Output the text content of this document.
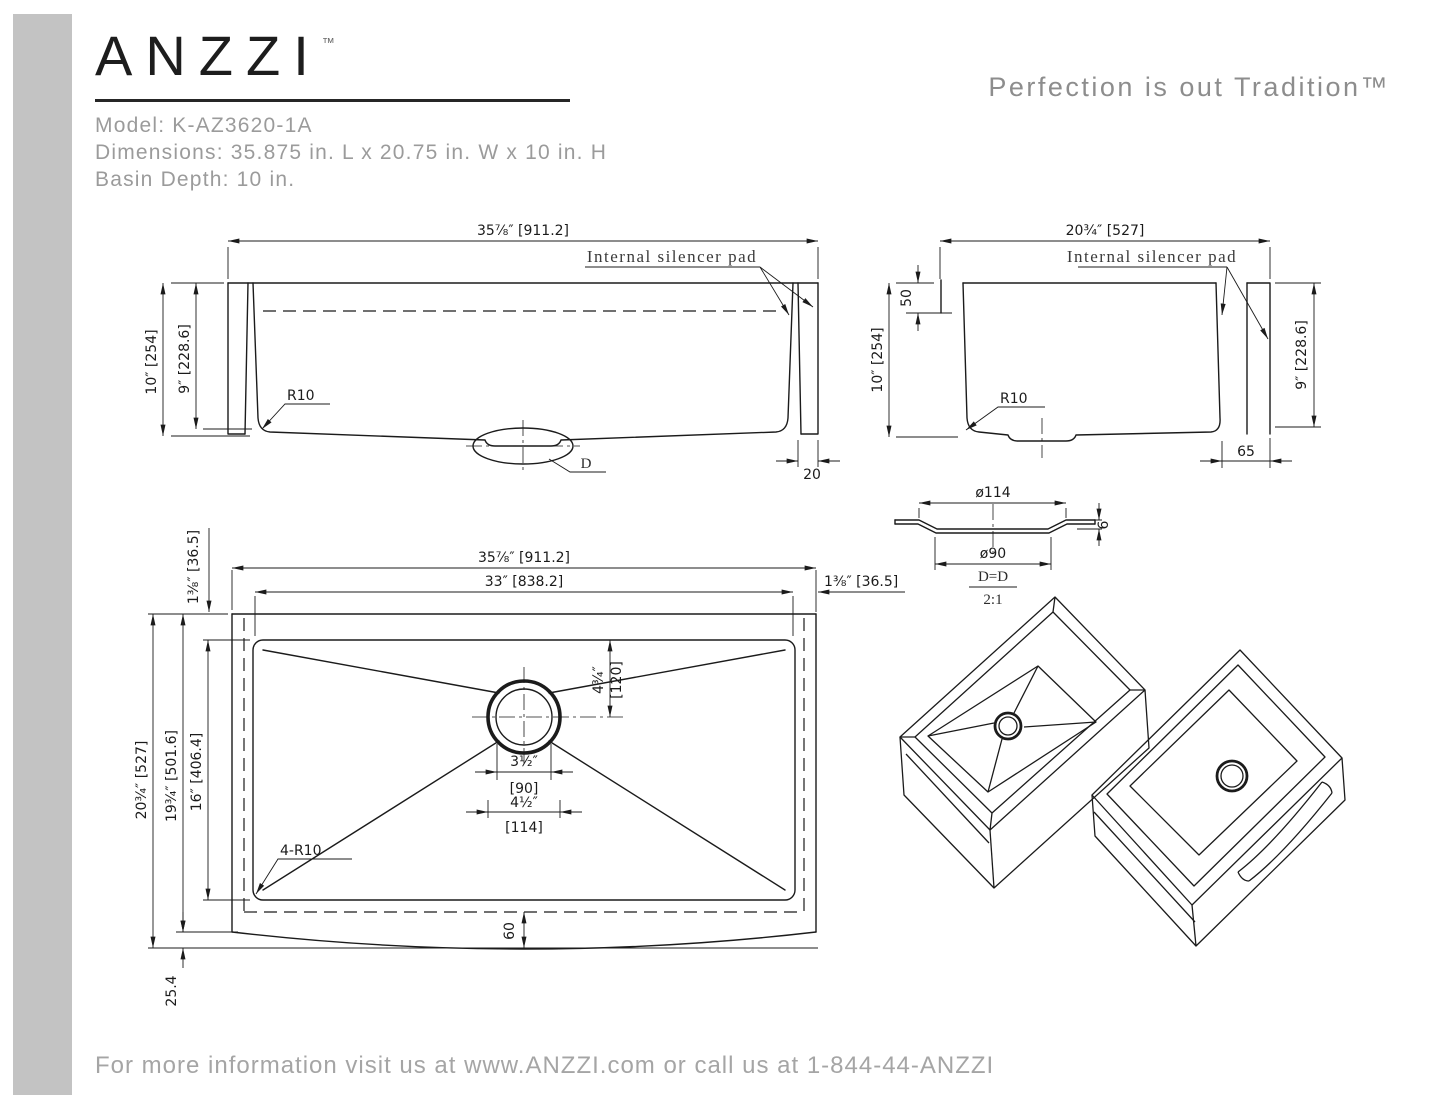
ANZZI™
Model: K-AZ3620-1A
Dimensions: 35.875 in. L x 20.75 in. W x 10 in. H
Basin Depth: 10 in.
Perfection is out Tradition™
35⅞″ [911.2]
10″ [254] 9″ [228.6]
R10
Internal silencer pad
D
20
20¾″ [527]
10″ [254]
50
9″ [228.6]
65
R10
Internal silencer pad
ø114
ø90
6
D=D
2:1
35⅞″ [911.2]
33″ [838.2]	1⅜″ [36.5]
1⅜″ [36.5]
20¾″ [527] 19¾″ [501.6] 16″ [406.4]
4¾″ [120]
3½″
[90]
4½″
[114]
4-R10
60
25.4
For more information visit us at www.ANZZI.com or call us at 1-844-44-ANZZI
